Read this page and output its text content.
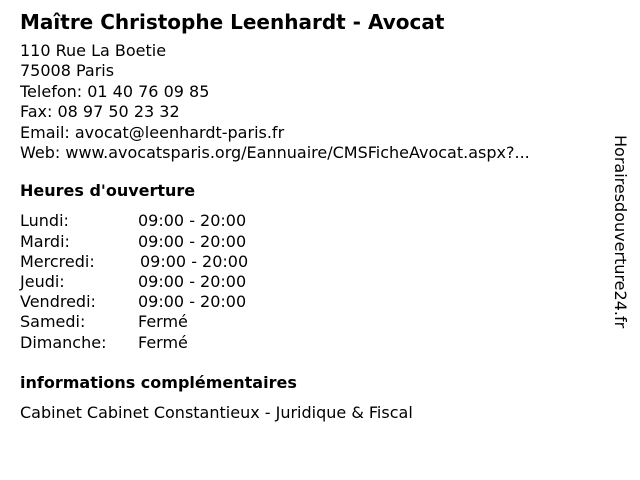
Maître Christophe Leenhardt - Avocat
110 Rue La Boetie
75008 Paris
Telefon: 01 40 76 09 85
Fax: 08 97 50 23 32
Email: avocat@leenhardt-paris.fr
Web: www.avocatsparis.org/Eannuaire/CMSFicheAvocat.aspx?...
Heures d'ouverture
Lundi:	09:00 - 20:00
Mardi:	09:00 - 20:00
Mercredi:	09:00 - 20:00
Jeudi:	09:00 - 20:00
Vendredi:	09:00 - 20:00
Samedi:	Fermé
Dimanche: Fermé
informations complémentaires
Cabinet Cabinet Constantieux - Juridique & Fiscal
Horairesdouverture24.fr
